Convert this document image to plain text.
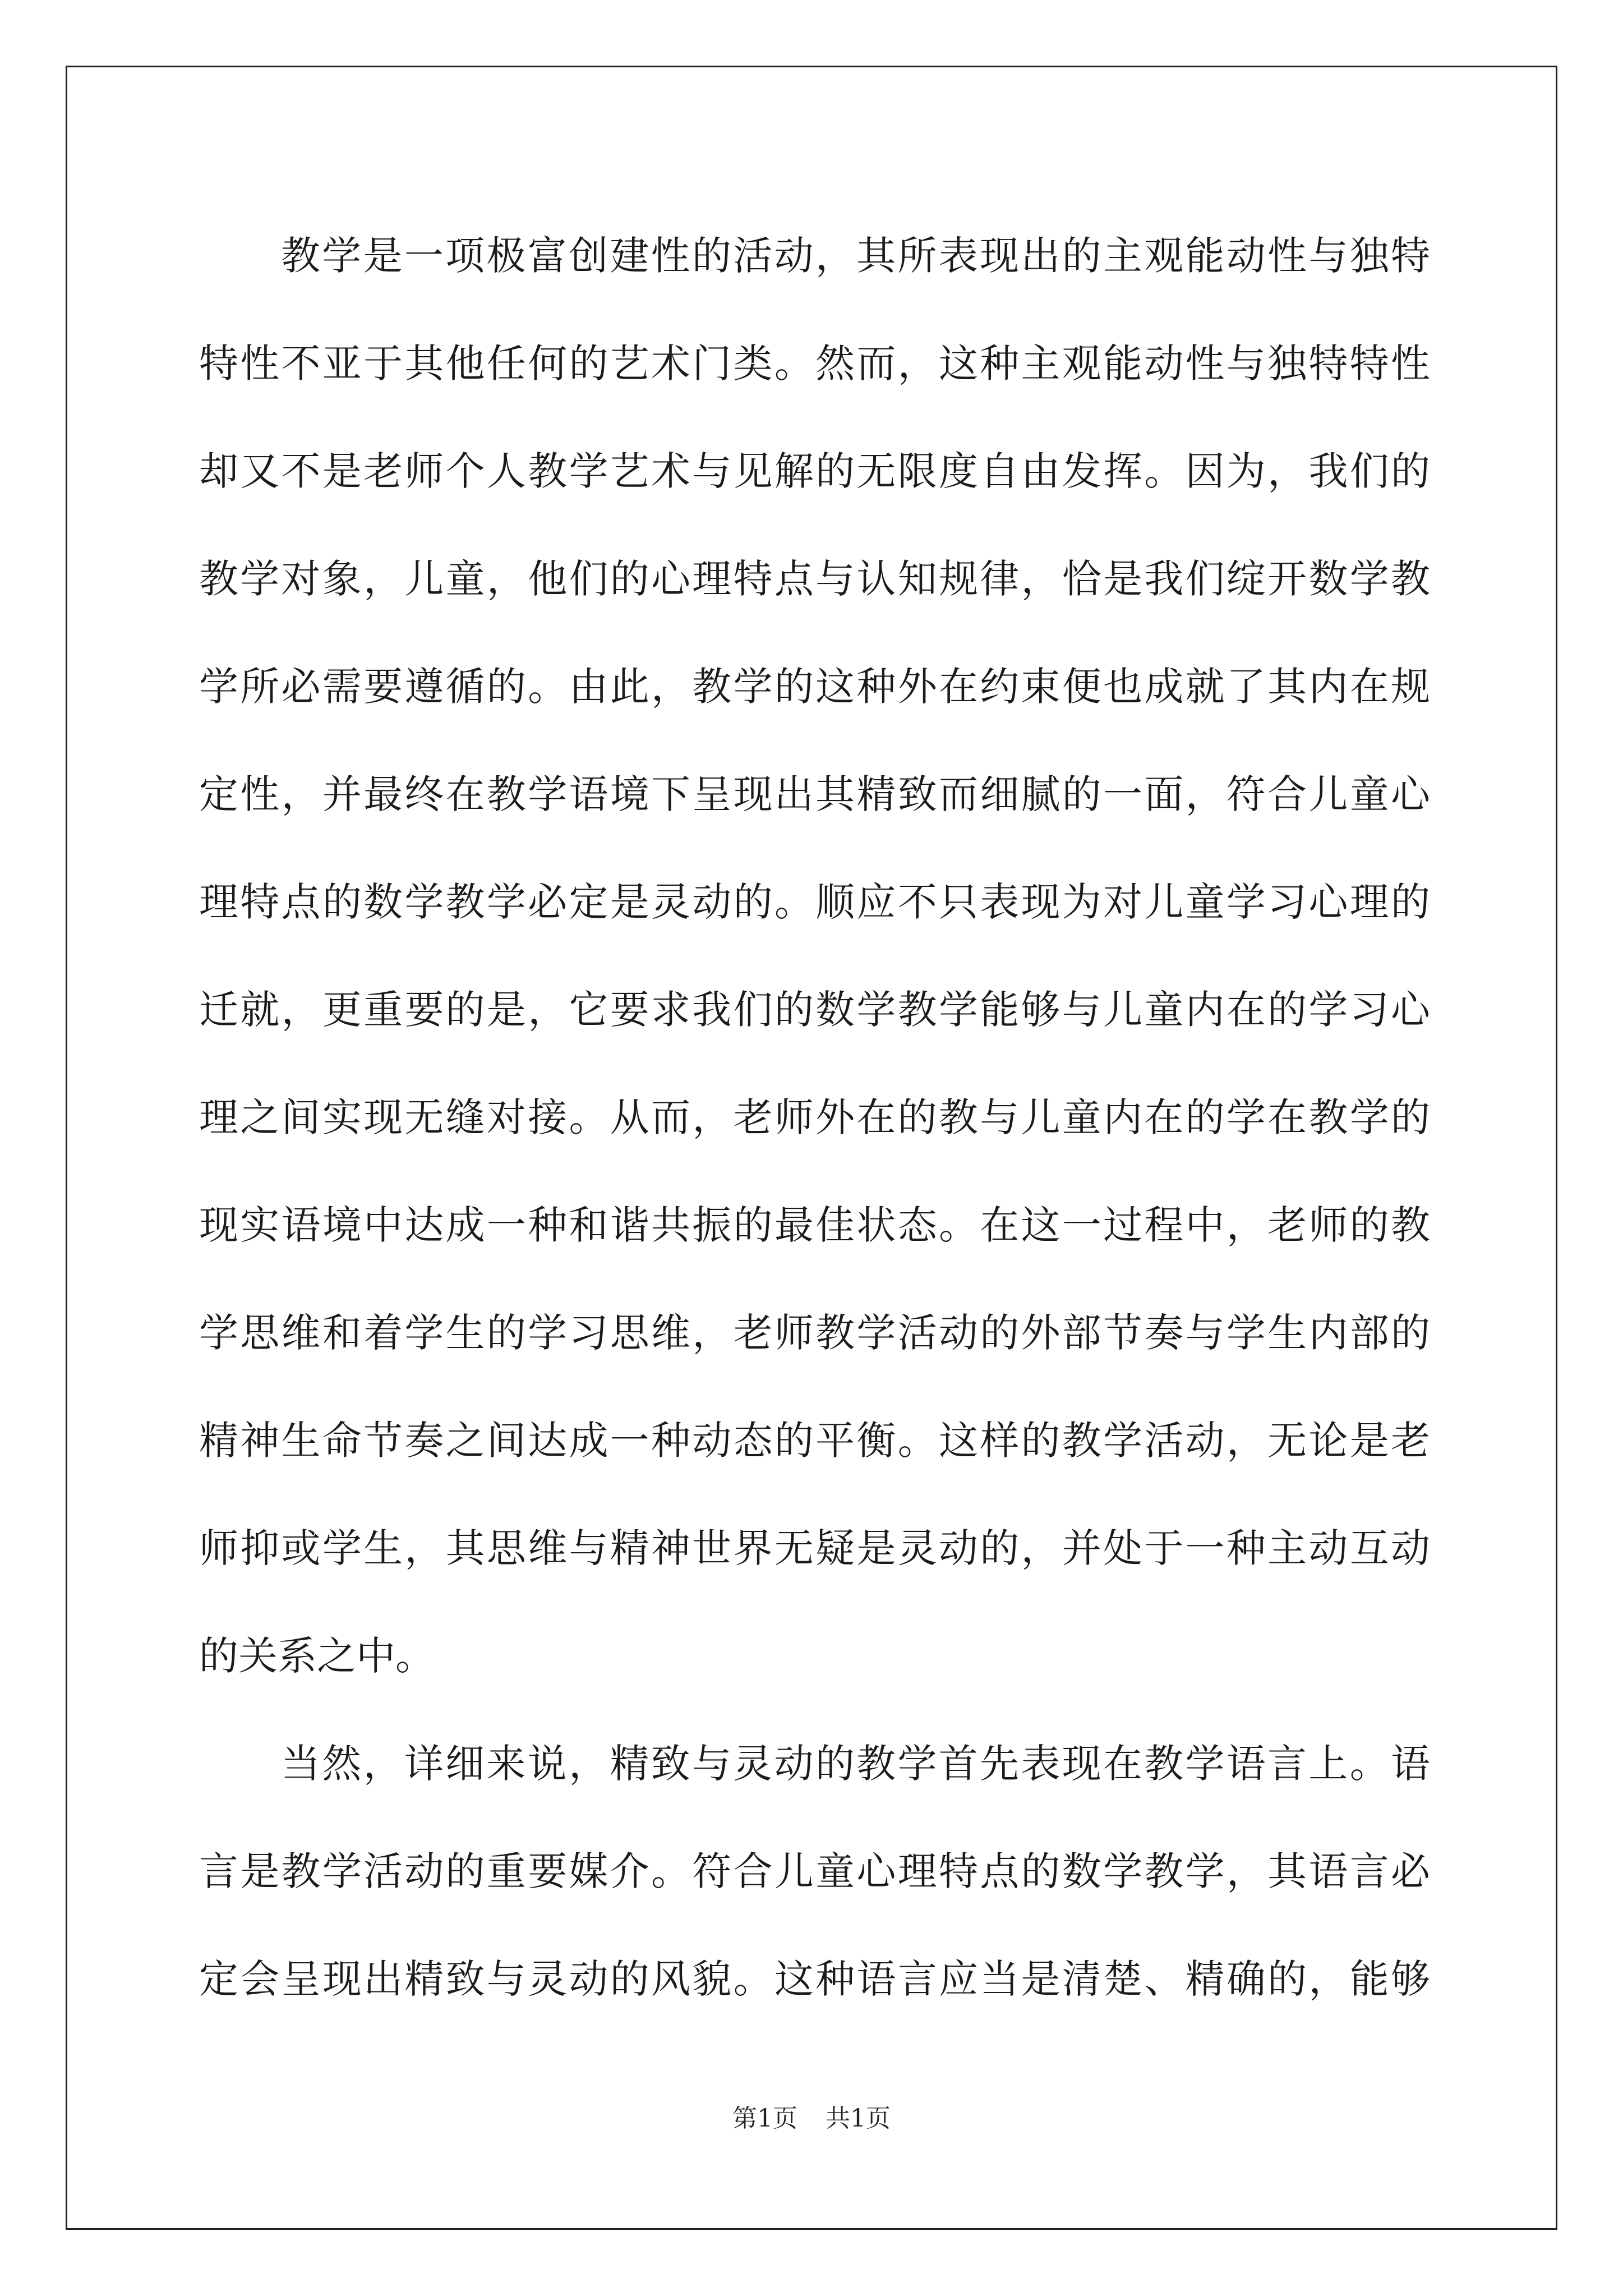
教学是一项极富创建性的活动，其所表现出的主观能动性与独特
特性不亚于其他任何的艺术门类。然而，这种主观能动性与独特特性
却又不是老师个人教学艺术与见解的无限度自由发挥。因为，我们的
教学对象，儿童，他们的心理特点与认知规律，恰是我们绽开数学教
学所必需要遵循的。由此，教学的这种外在约束便也成就了其内在规
定性，并最终在教学语境下呈现出其精致而细腻的一面，符合儿童心
理特点的数学教学必定是灵动的。顺应不只表现为对儿童学习心理的
迁就，更重要的是，它要求我们的数学教学能够与儿童内在的学习心
理之间实现无缝对接。从而，老师外在的教与儿童内在的学在教学的
现实语境中达成一种和谐共振的最佳状态。在这一过程中，老师的教
学思维和着学生的学习思维，老师教学活动的外部节奏与学生内部的
精神生命节奏之间达成一种动态的平衡。这样的教学活动，无论是老
师抑或学生，其思维与精神世界无疑是灵动的，并处于一种主动互动
的关系之中。
当然，详细来说，精致与灵动的教学首先表现在教学语言上。语
言是教学活动的重要媒介。符合儿童心理特点的数学教学，其语言必
定会呈现出精致与灵动的风貌。这种语言应当是清楚、精确的，能够
第1页 共1页
